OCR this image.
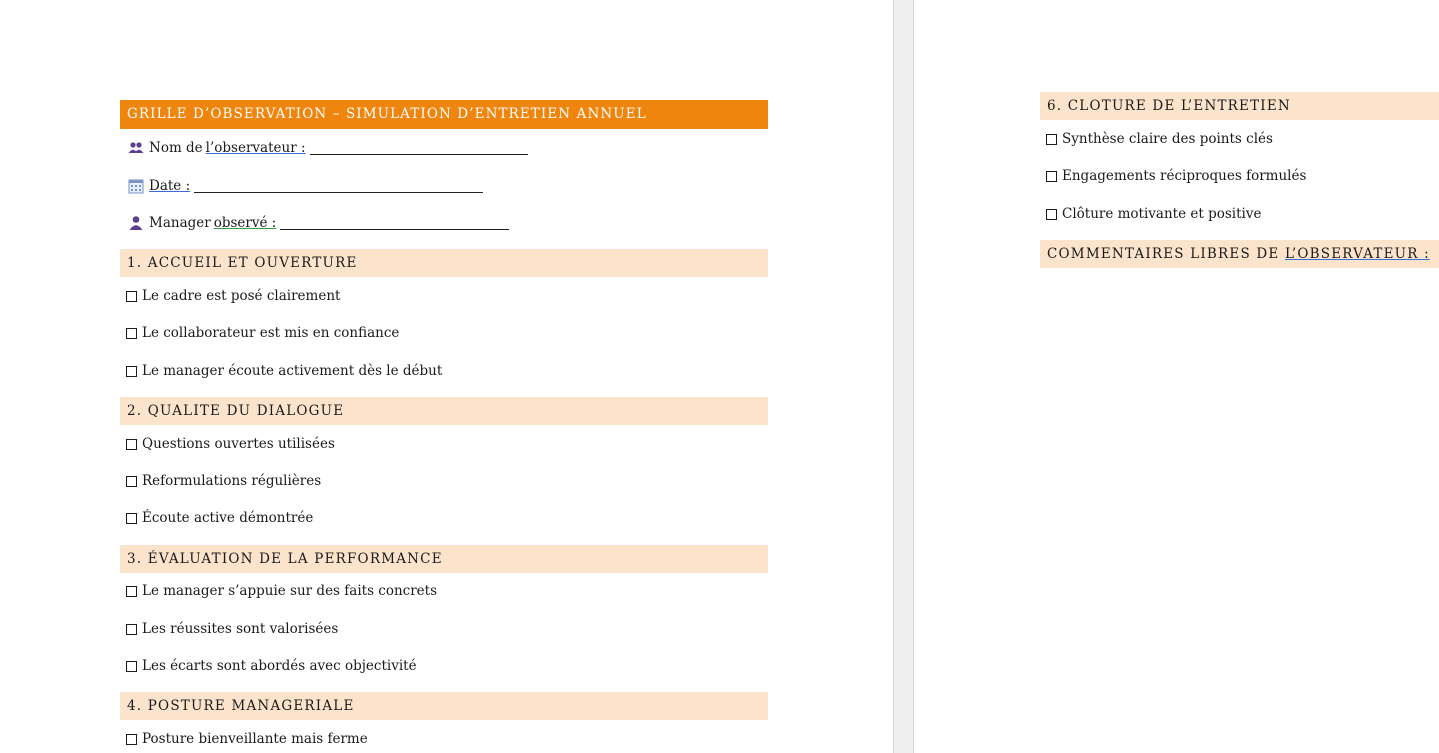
GRILLE D’OBSERVATION – SIMULATION D’ENTRETIEN ANNUEL
Nom de l’observateur :
Date :
Manager observé :
1. ACCUEIL ET OUVERTURE
Le cadre est posé clairement
Le collaborateur est mis en confiance
Le manager écoute activement dès le début
2. QUALITE DU DIALOGUE
Questions ouvertes utilisées
Reformulations régulières
Écoute active démontrée
3. ÉVALUATION DE LA PERFORMANCE
Le manager s’appuie sur des faits concrets
Les réussites sont valorisées
Les écarts sont abordés avec objectivité
4. POSTURE MANAGERIALE
Posture bienveillante mais ferme
6. CLOTURE DE L’ENTRETIEN
Synthèse claire des points clés
Engagements réciproques formulés
Clôture motivante et positive
COMMENTAIRES LIBRES DE L’OBSERVATEUR :
